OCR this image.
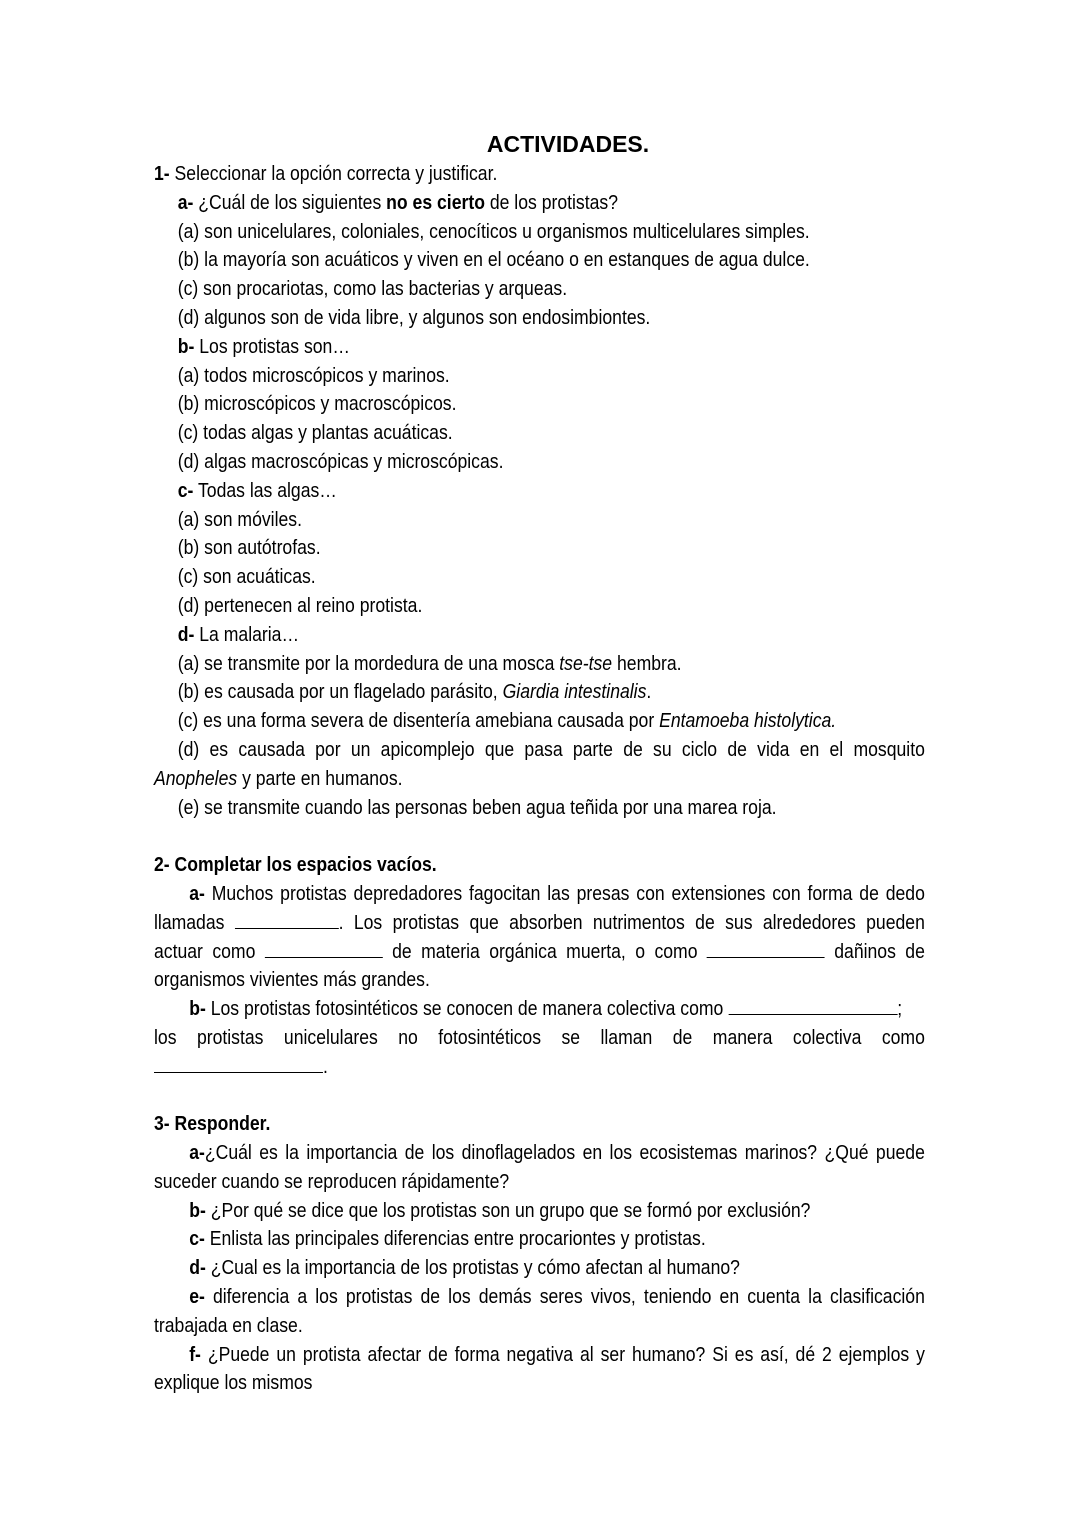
ACTIVIDADES.
1- Seleccionar la opción correcta y justificar.
a- ¿Cuál de los siguientes no es cierto de los protistas?
(a) son unicelulares, coloniales, cenocíticos u organismos multicelulares simples.
(b) la mayoría son acuáticos y viven en el océano o en estanques de agua dulce.
(c) son procariotas, como las bacterias y arqueas.
(d) algunos son de vida libre, y algunos son endosimbiontes.
b- Los protistas son…
(a) todos microscópicos y marinos.
(b) microscópicos y macroscópicos.
(c) todas algas y plantas acuáticas.
(d) algas macroscópicas y microscópicas.
c- Todas las algas…
(a) son móviles.
(b) son autótrofas.
(c) son acuáticas.
(d) pertenecen al reino protista.
d- La malaria…
(a) se transmite por la mordedura de una mosca tse-tse hembra.
(b) es causada por un flagelado parásito, Giardia intestinalis.
(c) es una forma severa de disentería amebiana causada por Entamoeba histolytica.
(d) es causada por un apicomplejo que pasa parte de su ciclo de vida en el mosquito
Anopheles y parte en humanos.
(e) se transmite cuando las personas beben agua teñida por una marea roja.
2- Completar los espacios vacíos.
a- Muchos protistas depredadores fagocitan las presas con extensiones con forma de dedo
llamadas	. Los protistas que absorben nutrimentos de sus alrededores pueden
actuar como	de materia orgánica muerta, o como	dañinos de
organismos vivientes más grandes.
b- Los protistas fotosintéticos se conocen de manera colectiva como	;
los protistas unicelulares no fotosintéticos se llaman de manera colectiva como
.
3- Responder.
a-¿Cuál es la importancia de los dinoflagelados en los ecosistemas marinos? ¿Qué puede
suceder cuando se reproducen rápidamente?
b- ¿Por qué se dice que los protistas son un grupo que se formó por exclusión?
c- Enlista las principales diferencias entre procariontes y protistas.
d- ¿Cual es la importancia de los protistas y cómo afectan al humano?
e- diferencia a los protistas de los demás seres vivos, teniendo en cuenta la clasificación
trabajada en clase.
f- ¿Puede un protista afectar de forma negativa al ser humano? Si es así, dé 2 ejemplos y
explique los mismos
